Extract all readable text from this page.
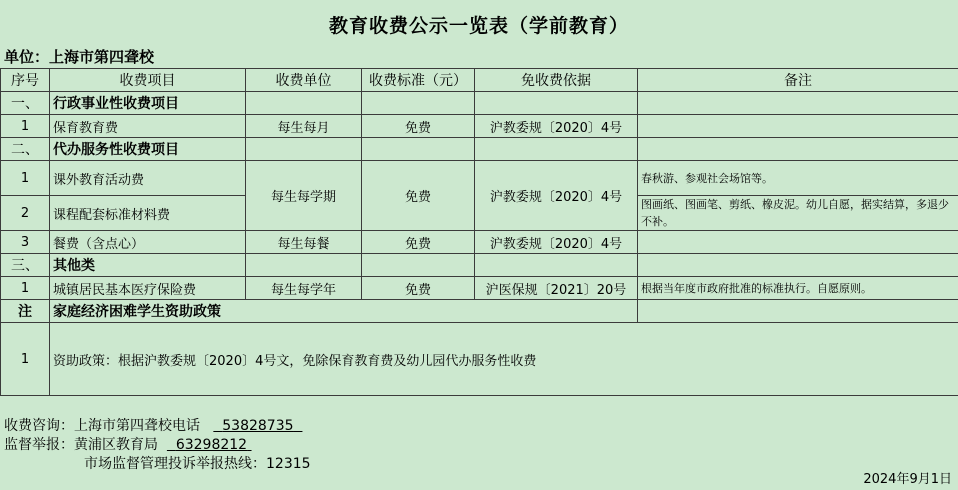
教育收费公示一览表（学前教育）
单位：上海市第四聋校
序号	收费项目	收费单位	收费标准（元）	免收费依据	备注
一、	行政事业性收费项目				
1	保育教育费	每生每月	免费	沪教委规〔2020〕4号	
二、	代办服务性收费项目				
1	课外教育活动费	每生每学期	免费	沪教委规〔2020〕4号	春秋游、参观社会场馆等。
2	课程配套标准材料费				图画纸、图画笔、剪纸、橡皮泥。幼儿自愿，据实结算，多退少不补。
3	餐费（含点心）	每生每餐	免费	沪教委规〔2020〕4号	
三、	其他类				
1	城镇居民基本医疗保险费	每生每学年	免费	沪医保规〔2021〕20号	根据当年度市政府批准的标准执行。自愿原则。
注	家庭经济困难学生资助政策				
1	资助政策：根据沪教委规〔2020〕4号文，免除保育教育费及幼儿园代办服务性收费				
收费咨询：上海市第四聋校电话 53828735
监督举报：黄浦区教育局 63298212
市场监督管理投诉举报热线：12315
2024年9月1日
